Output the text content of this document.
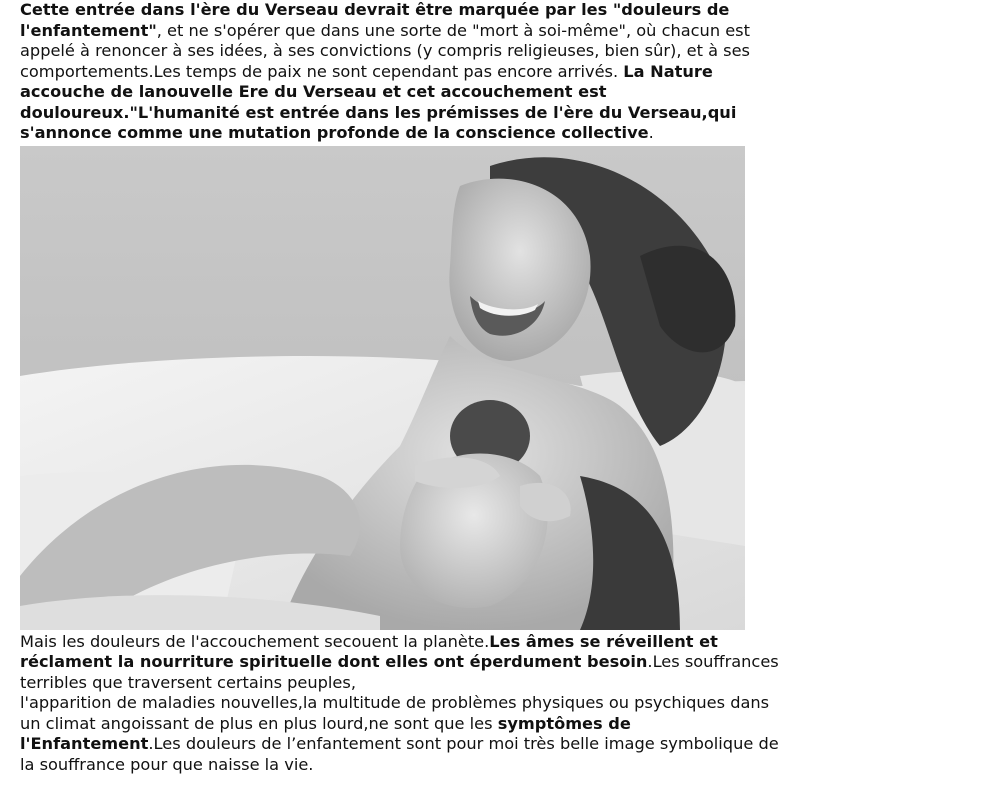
Cette entrée dans l'ère du Verseau devrait être marquée par les "douleurs de l'enfantement", et ne s'opérer que dans une sorte de "mort à soi-même", où chacun est appelé à renoncer à ses idées, à ses convictions (y compris religieuses, bien sûr), et à ses comportements.Les temps de paix ne sont cependant pas encore arrivés. La Nature accouche de lanouvelle Ere du Verseau et cet accouchement est douloureux."L'humanité est entrée dans les prémisses de l'ère du Verseau,qui s'annonce comme une mutation profonde de la conscience collective.

Mais les douleurs de l'accouchement secouent la planète.Les âmes se réveillent et réclament la nourriture spirituelle dont elles ont éperdument besoin.Les souffrances terribles que traversent certains peuples,
l'apparition de maladies nouvelles,la multitude de problèmes physiques ou psychiques dans un climat angoissant de plus en plus lourd,ne sont que les symptômes de l'Enfantement.Les douleurs de l’enfantement sont pour moi très belle image symbolique de la souffrance pour que naisse la vie.
